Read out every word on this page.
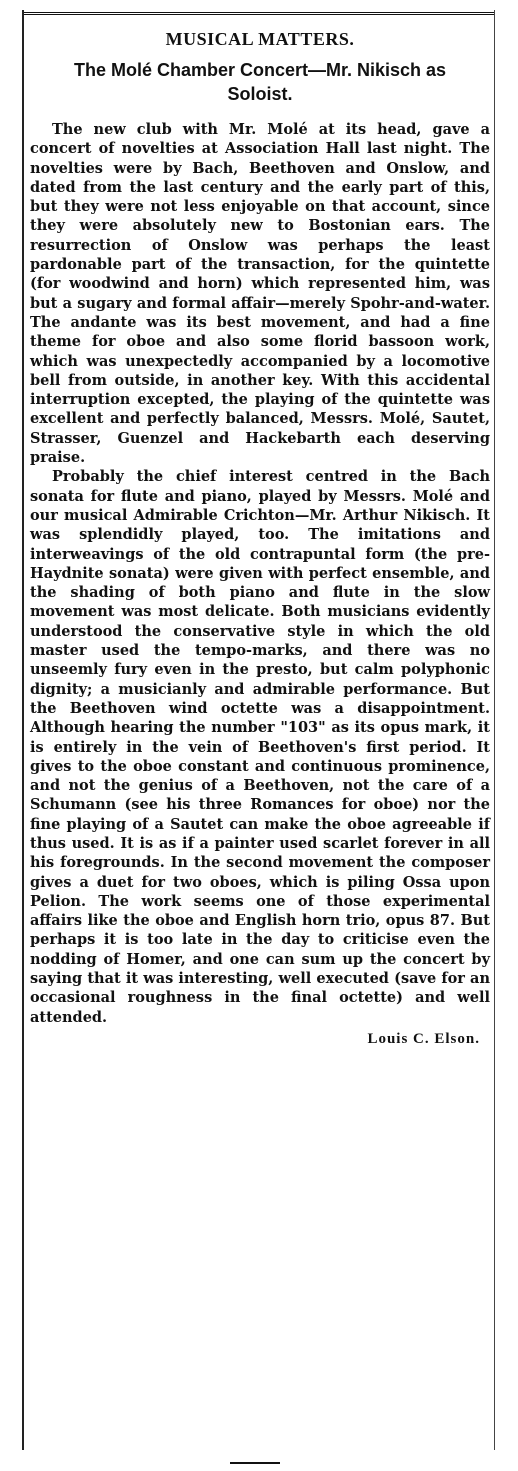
MUSICAL MATTERS.
The Molé Chamber Concert—Mr. Nikisch as Soloist.

The new club with Mr. Molé at its head, gave a concert of novelties at Association Hall last night. The novelties were by Bach, Beethoven and Onslow, and dated from the last century and the early part of this, but they were not less enjoyable on that account, since they were absolutely new to Bostonian ears. The resurrection of Onslow was perhaps the least pardonable part of the transaction, for the quintette (for woodwind and horn) which represented him, was but a sugary and formal affair—merely Spohr-and-water. The andante was its best movement, and had a fine theme for oboe and also some florid bassoon work, which was unexpectedly accompanied by a locomotive bell from outside, in another key. With this accidental interruption excepted, the playing of the quintette was excellent and perfectly balanced, Messrs. Molé, Sautet, Strasser, Guenzel and Hackebarth each deserving praise.

Probably the chief interest centred in the Bach sonata for flute and piano, played by Messrs. Molé and our musical Admirable Crichton—Mr. Arthur Nikisch. It was splendidly played, too. The imitations and interweavings of the old contrapuntal form (the pre-Haydnite sonata) were given with perfect ensemble, and the shading of both piano and flute in the slow movement was most delicate. Both musicians evidently understood the conservative style in which the old master used the tempo-marks, and there was no unseemly fury even in the presto, but calm polyphonic dignity; a musicianly and admirable performance. But the Beethoven wind octette was a disappointment. Although hearing the number "103" as its opus mark, it is entirely in the vein of Beethoven's first period. It gives to the oboe constant and continuous prominence, and not the genius of a Beethoven, not the care of a Schumann (see his three Romances for oboe) nor the fine playing of a Sautet can make the oboe agreeable if thus used. It is as if a painter used scarlet forever in all his foregrounds. In the second movement the composer gives a duet for two oboes, which is piling Ossa upon Pelion. The work seems one of those experimental affairs like the oboe and English horn trio, opus 87. But perhaps it is too late in the day to criticise even the nodding of Homer, and one can sum up the concert by saying that it was interesting, well executed (save for an occasional roughness in the final octette) and well attended.

Louis C. Elson.
